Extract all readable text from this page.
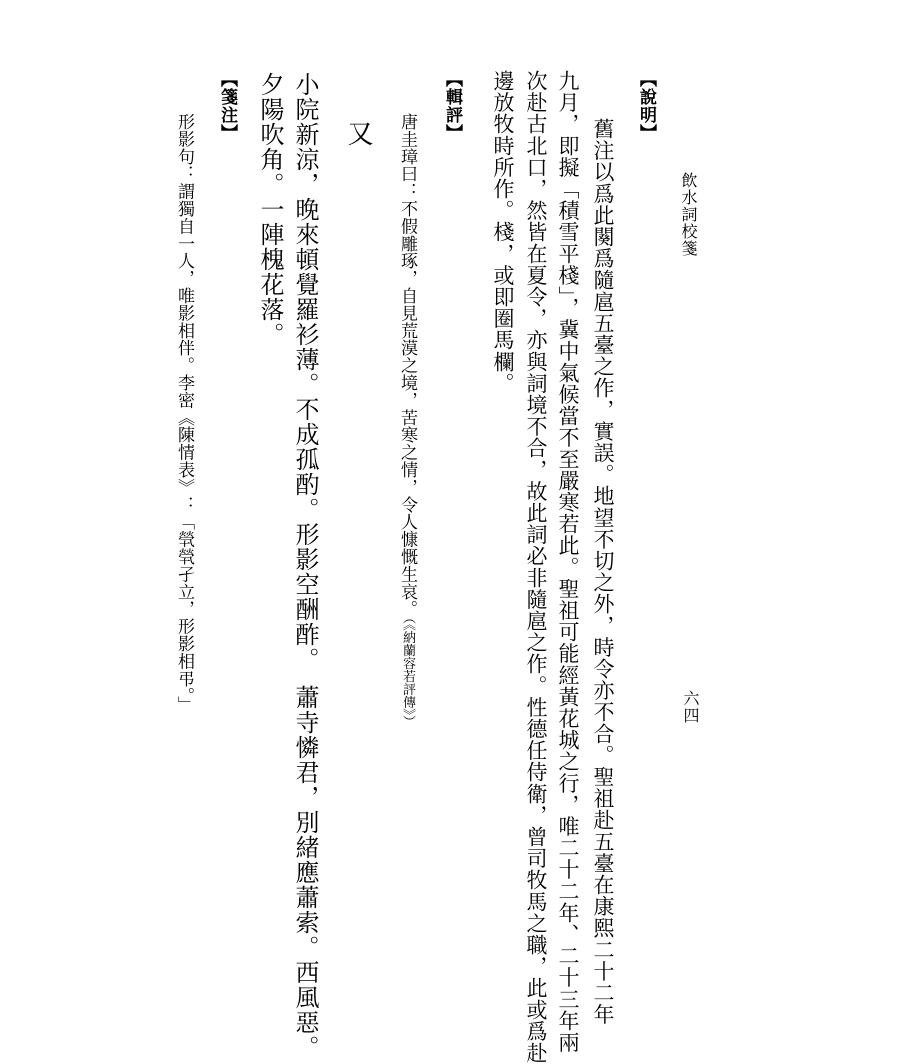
飲水詞校箋
六四
【說明】
舊注以爲此闋爲隨扈五臺之作，實誤。地望不切之外，時令亦不合。聖祖赴五臺在康熙二十二年
九月，即擬「積雪平棧」，冀中氣候當不至嚴寒若此。聖祖可能經黃花城之行，唯二十二年、二十三年兩
次赴古北口，然皆在夏令，亦與詞境不合，故此詞必非隨扈之作。性德任侍衛，曾司牧馬之職，此或爲赴
邊放牧時所作。棧，或即圈馬欄。
【輯評】
唐圭璋曰：不假雕琢，自見荒漠之境，苦寒之情，令人慷慨生哀。（《納蘭容若評傳》）
又
小院新涼，晚來頓覺羅衫薄。不成孤酌。形影空酬酢。　蕭寺憐君，別緒應蕭索。西風惡。
夕陽吹角。一陣槐花落。
【箋注】
形影句：謂獨自一人，唯影相伴。李密《陳情表》：「煢煢孑立，形影相弔。」
